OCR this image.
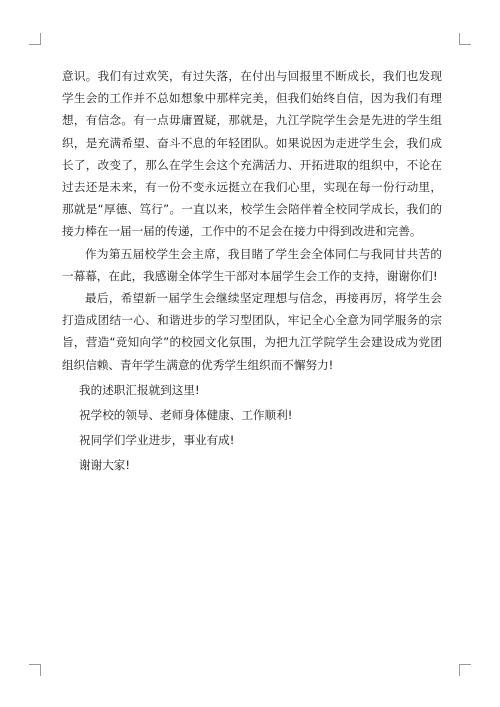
意识。我们有过欢笑，有过失落，在付出与回报里不断成长，我们也发现学生会的工作并不总如想象中那样完美，但我们始终自信，因为我们有理想，有信念。有一点毋庸置疑，那就是，九江学院学生会是先进的学生组织，是充满希望、奋斗不息的年轻团队。如果说因为走进学生会，我们成长了，改变了，那么在学生会这个充满活力、开拓进取的组织中，不论在过去还是未来，有一份不变永远挺立在我们心里，实现在每一份行动里，那就是“厚德、笃行”。一直以来，校学生会陪伴着全校同学成长，我们的接力棒在一届一届的传递，工作中的不足会在接力中得到改进和完善。

作为第五届校学生会主席，我目睹了学生会全体同仁与我同甘共苦的一幕幕，在此，我感谢全体学生干部对本届学生会工作的支持，谢谢你们!

最后，希望新一届学生会继续坚定理想与信念，再接再厉，将学生会打造成团结一心、和谐进步的学习型团队，牢记全心全意为同学服务的宗旨，营造“竞知向学”的校园文化氛围，为把九江学院学生会建设成为党团组织信赖、青年学生满意的优秀学生组织而不懈努力!

我的述职汇报就到这里!

祝学校的领导、老师身体健康、工作顺利!

祝同学们学业进步，事业有成!

谢谢大家!
